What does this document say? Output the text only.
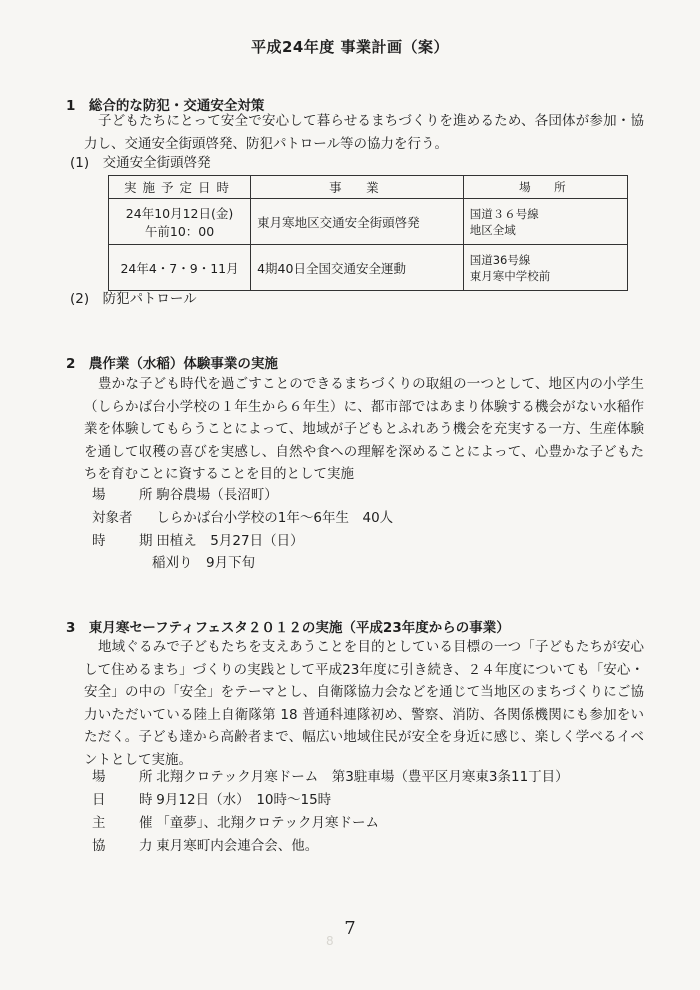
平成24年度 事業計画（案）
1　総合的な防犯・交通安全対策
子どもたちにとって安全で安心して暮らせるまちづくりを進めるため、各団体が参加・協力し、交通安全街頭啓発、防犯パトロール等の協力を行う。
(1)　交通安全街頭啓発
実施予定日時	事　業	場　所

24年10月12日(金)
午前10：00	東月寒地区交通安全街頭啓発	国道３６号線
地区全域

24年4・7・9・11月	4期40日全国交通安全運動	国道36号線
東月寒中学校前
(2)　防犯パトロール
2　農作業（水稲）体験事業の実施
豊かな子ども時代を過ごすことのできるまちづくりの取組の一つとして、地区内の小学生（しらかば台小学校の１年生から６年生）に、都市部ではあまり体験する機会がない水稲作業を体験してもらうことによって、地域が子どもとふれあう機会を充実する一方、生産体験を通して収穫の喜びを実感し、自然や食への理解を深めることによって、心豊かな子どもたちを育むことに資することを目的として実施
場　所 駒谷農場（長沼町）
対象者 しらかば台小学校の1年～6年生　40人
時　期 田植え　5月27日（日）
稲刈り　9月下旬
3　東月寒セーフティフェスタ２０１２の実施（平成23年度からの事業）
地域ぐるみで子どもたちを支えあうことを目的としている目標の一つ「子どもたちが安心して住めるまち」づくりの実践として平成23年度に引き続き、２４年度についても「安心・安全」の中の「安全」をテーマとし、自衛隊協力会などを通じて当地区のまちづくりにご協力いただいている陸上自衛隊第 18 普通科連隊初め、警察、消防、各関係機関にも参加をいただく。子ども達から高齢者まで、幅広い地域住民が安全を身近に感じ、楽しく学べるイベントとして実施。
場　所 北翔クロテック月寒ドーム　第3駐車場（豊平区月寒東3条11丁目）
日　時 9月12日（水）　10時～15時
主　催 「童夢」、北翔クロテック月寒ドーム
協　力 東月寒町内会連合会、他。
8
7
